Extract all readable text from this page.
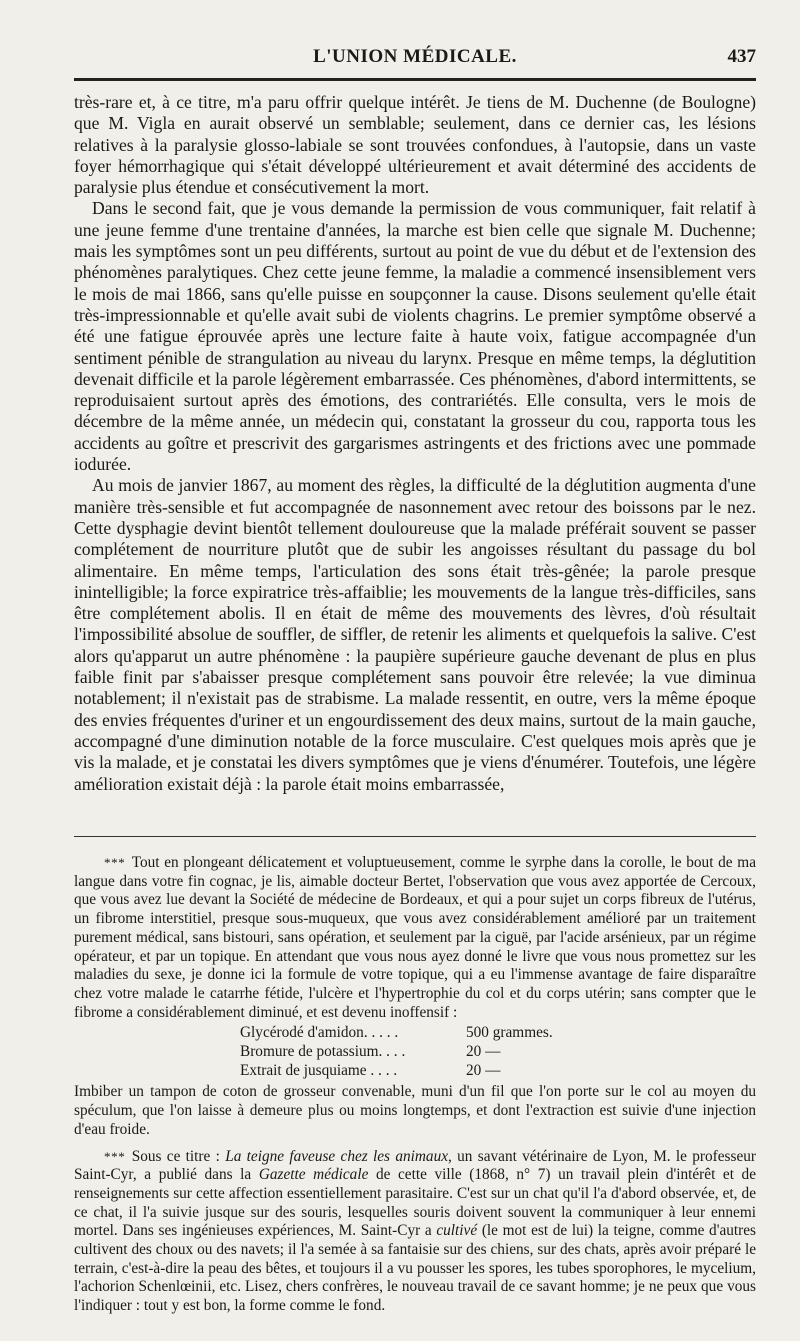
L'UNION MÉDICALE.	437

très-rare et, à ce titre, m'a paru offrir quelque intérêt. Je tiens de M. Duchenne (de Boulogne) que M. Vigla en aurait observé un semblable; seulement, dans ce dernier cas, les lésions relatives à la paralysie glosso-labiale se sont trouvées confondues, à l'autopsie, dans un vaste foyer hémorrhagique qui s'était développé ultérieurement et avait déterminé des accidents de paralysie plus étendue et consécutivement la mort.

Dans le second fait, que je vous demande la permission de vous communiquer, fait relatif à une jeune femme d'une trentaine d'années, la marche est bien celle que signale M. Duchenne; mais les symptômes sont un peu différents, surtout au point de vue du début et de l'extension des phénomènes paralytiques. Chez cette jeune femme, la maladie a commencé insensiblement vers le mois de mai 1866, sans qu'elle puisse en soupçonner la cause. Disons seulement qu'elle était très-impressionnable et qu'elle avait subi de violents chagrins. Le premier symptôme observé a été une fatigue éprouvée après une lecture faite à haute voix, fatigue accompagnée d'un sentiment pénible de strangulation au niveau du larynx. Presque en même temps, la déglutition devenait difficile et la parole légèrement embarrassée. Ces phénomènes, d'abord intermittents, se reproduisaient surtout après des émotions, des contrariétés. Elle consulta, vers le mois de décembre de la même année, un médecin qui, constatant la grosseur du cou, rapporta tous les accidents au goître et prescrivit des gargarismes astringents et des frictions avec une pommade iodurée.

Au mois de janvier 1867, au moment des règles, la difficulté de la déglutition augmenta d'une manière très-sensible et fut accompagnée de nasonnement avec retour des boissons par le nez. Cette dysphagie devint bientôt tellement douloureuse que la malade préférait souvent se passer complétement de nourriture plutôt que de subir les angoisses résultant du passage du bol alimentaire. En même temps, l'articulation des sons était très-gênée; la parole presque inintelligible; la force expiratrice très-affaiblie; les mouvements de la langue très-difficiles, sans être complétement abolis. Il en était de même des mouvements des lèvres, d'où résultait l'impossibilité absolue de souffler, de siffler, de retenir les aliments et quelquefois la salive. C'est alors qu'apparut un autre phénomène : la paupière supérieure gauche devenant de plus en plus faible finit par s'abaisser presque complétement sans pouvoir être relevée; la vue diminua notablement; il n'existait pas de strabisme. La malade ressentit, en outre, vers la même époque des envies fréquentes d'uriner et un engourdissement des deux mains, surtout de la main gauche, accompagné d'une diminution notable de la force musculaire. C'est quelques mois après que je vis la malade, et je constatai les divers symptômes que je viens d'énumérer. Toutefois, une légère amélioration existait déjà : la parole était moins embarrassée,

* * * Tout en plongeant délicatement et voluptueusement, comme le syrphe dans la corolle, le bout de ma langue dans votre fin cognac, je lis, aimable docteur Bertet, l'observation que vous avez apportée de Cercoux, que vous avez lue devant la Société de médecine de Bordeaux, et qui a pour sujet un corps fibreux de l'utérus, un fibrome interstitiel, presque sous-muqueux, que vous avez considérablement amélioré par un traitement purement médical, sans bistouri, sans opération, et seulement par la ciguë, par l'acide arsénieux, par un régime opérateur, et par un topique. En attendant que vous nous ayez donné le livre que vous nous promettez sur les maladies du sexe, je donne ici la formule de votre topique, qui a eu l'immense avantage de faire disparaître chez votre malade le catarrhe fétide, l'ulcère et l'hypertrophie du col et du corps utérin; sans compter que le fibrome a considérablement diminué, et est devenu inoffensif :

Glycérodé d'amidon. . . . .	500 grammes.
Bromure de potassium. . . .	20 —
Extrait de jusquiame . . . .	20 —

Imbiber un tampon de coton de grosseur convenable, muni d'un fil que l'on porte sur le col au moyen du spéculum, que l'on laisse à demeure plus ou moins longtemps, et dont l'extraction est suivie d'une injection d'eau froide.

* * * Sous ce titre : La teigne faveuse chez les animaux, un savant vétérinaire de Lyon, M. le professeur Saint-Cyr, a publié dans la Gazette médicale de cette ville (1868, n° 7) un travail plein d'intérêt et de renseignements sur cette affection essentiellement parasitaire. C'est sur un chat qu'il l'a d'abord observée, et, de ce chat, il l'a suivie jusque sur des souris, lesquelles souris doivent souvent la communiquer à leur ennemi mortel. Dans ses ingénieuses expériences, M. Saint-Cyr a cultivé (le mot est de lui) la teigne, comme d'autres cultivent des choux ou des navets; il l'a semée à sa fantaisie sur des chiens, sur des chats, après avoir préparé le terrain, c'est-à-dire la peau des bêtes, et toujours il a vu pousser les spores, les tubes sporophores, le mycelium, l'achorion Schenlœinii, etc. Lisez, chers confrères, le nouveau travail de ce savant homme; je ne peux que vous l'indiquer : tout y est bon, la forme comme le fond.
